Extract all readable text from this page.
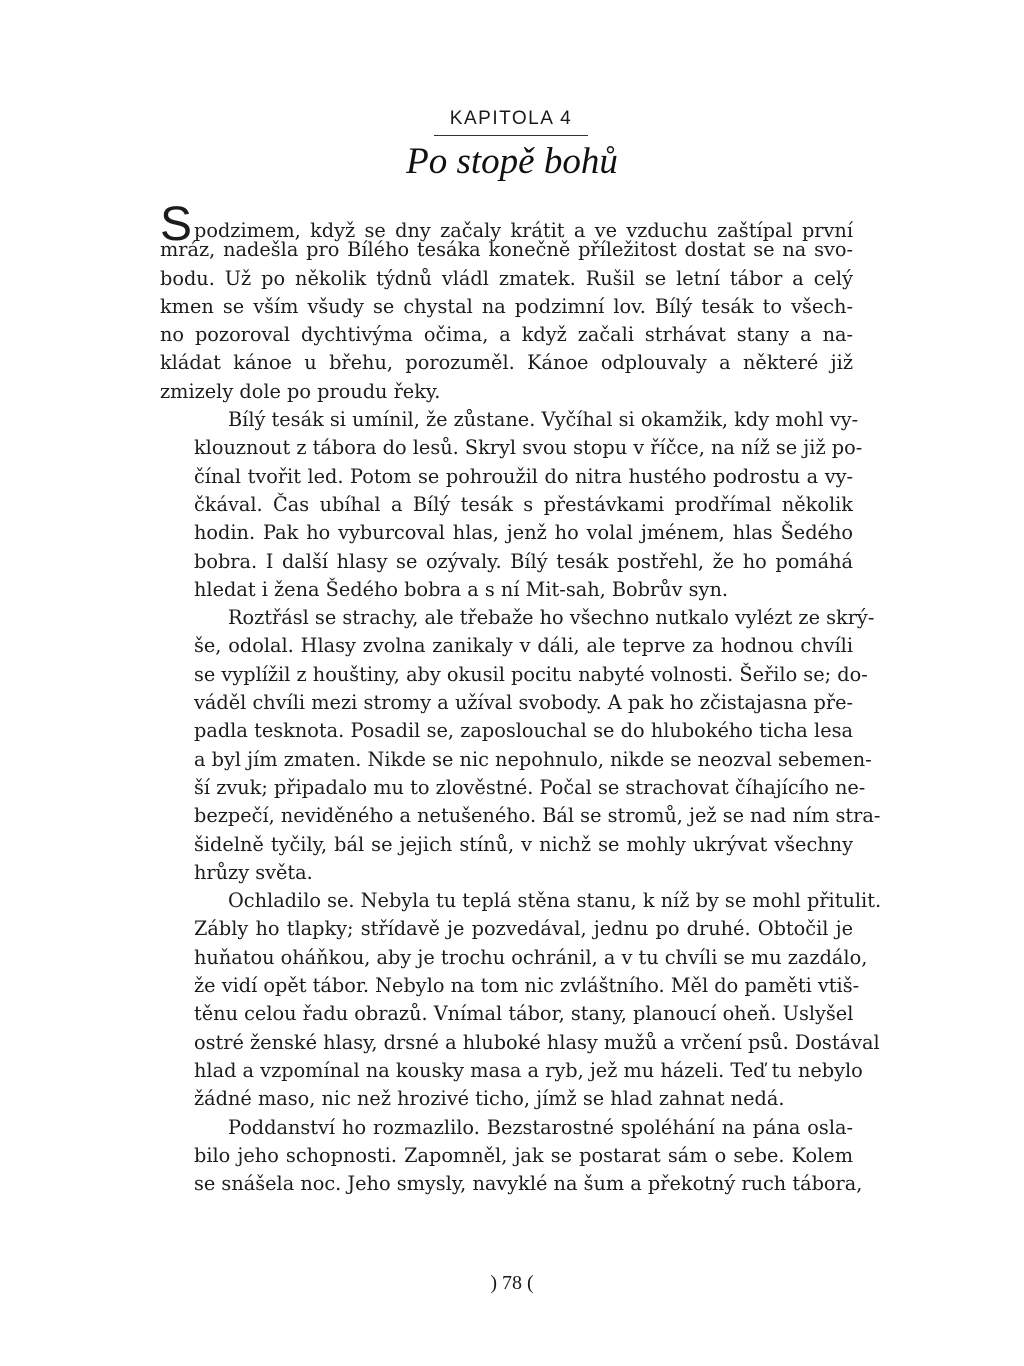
KAPITOLA 4
Po stopě bohů
Spodzimem, když se dny začaly krátit a ve vzduchu zaštípal první
mráz, nadešla pro Bílého tesáka konečně příležitost dostat se na svo-
bodu. Už po několik týdnů vládl zmatek. Rušil se letní tábor a celý
kmen se vším všudy se chystal na podzimní lov. Bílý tesák to všech-
no pozoroval dychtivýma očima, a když začali strhávat stany a na-
kládat kánoe u břehu, porozuměl. Kánoe odplouvaly a některé již
zmizely dole po proudu řeky.
Bílý tesák si umínil, že zůstane. Vyčíhal si okamžik, kdy mohl vy-
klouznout z tábora do lesů. Skryl svou stopu v říčce, na níž se již po-
čínal tvořit led. Potom se pohroužil do nitra hustého podrostu a vy-
čkával. Čas ubíhal a Bílý tesák s přestávkami prodřímal několik
hodin. Pak ho vyburcoval hlas, jenž ho volal jménem, hlas Šedého
bobra. I další hlasy se ozývaly. Bílý tesák postřehl, že ho pomáhá
hledat i žena Šedého bobra a s ní Mit-sah, Bobrův syn.
Roztřásl se strachy, ale třebaže ho všechno nutkalo vylézt ze skrý-
še, odolal. Hlasy zvolna zanikaly v dáli, ale teprve za hodnou chvíli
se vyplížil z houštiny, aby okusil pocitu nabyté volnosti. Šeřilo se; do-
váděl chvíli mezi stromy a užíval svobody. A pak ho zčistajasna pře-
padla tesknota. Posadil se, zaposlouchal se do hlubokého ticha lesa
a byl jím zmaten. Nikde se nic nepohnulo, nikde se neozval sebemen-
ší zvuk; připadalo mu to zlověstné. Počal se strachovat číhajícího ne-
bezpečí, neviděného a netušeného. Bál se stromů, jež se nad ním stra-
šidelně tyčily, bál se jejich stínů, v nichž se mohly ukrývat všechny
hrůzy světa.
Ochladilo se. Nebyla tu teplá stěna stanu, k níž by se mohl přitulit.
Zábly ho tlapky; střídavě je pozvedával, jednu po druhé. Obtočil je
huňatou oháňkou, aby je trochu ochránil, a v tu chvíli se mu zazdálo,
že vidí opět tábor. Nebylo na tom nic zvláštního. Měl do paměti vtiš-
těnu celou řadu obrazů. Vnímal tábor, stany, planoucí oheň. Uslyšel
ostré ženské hlasy, drsné a hluboké hlasy mužů a vrčení psů. Dostával
hlad a vzpomínal na kousky masa a ryb, jež mu házeli. Teď tu nebylo
žádné maso, nic než hrozivé ticho, jímž se hlad zahnat nedá.
Poddanství ho rozmazlilo. Bezstarostné spoléhání na pána osla-
bilo jeho schopnosti. Zapomněl, jak se postarat sám o sebe. Kolem
se snášela noc. Jeho smysly, navyklé na šum a překotný ruch tábora,
) 78 (
